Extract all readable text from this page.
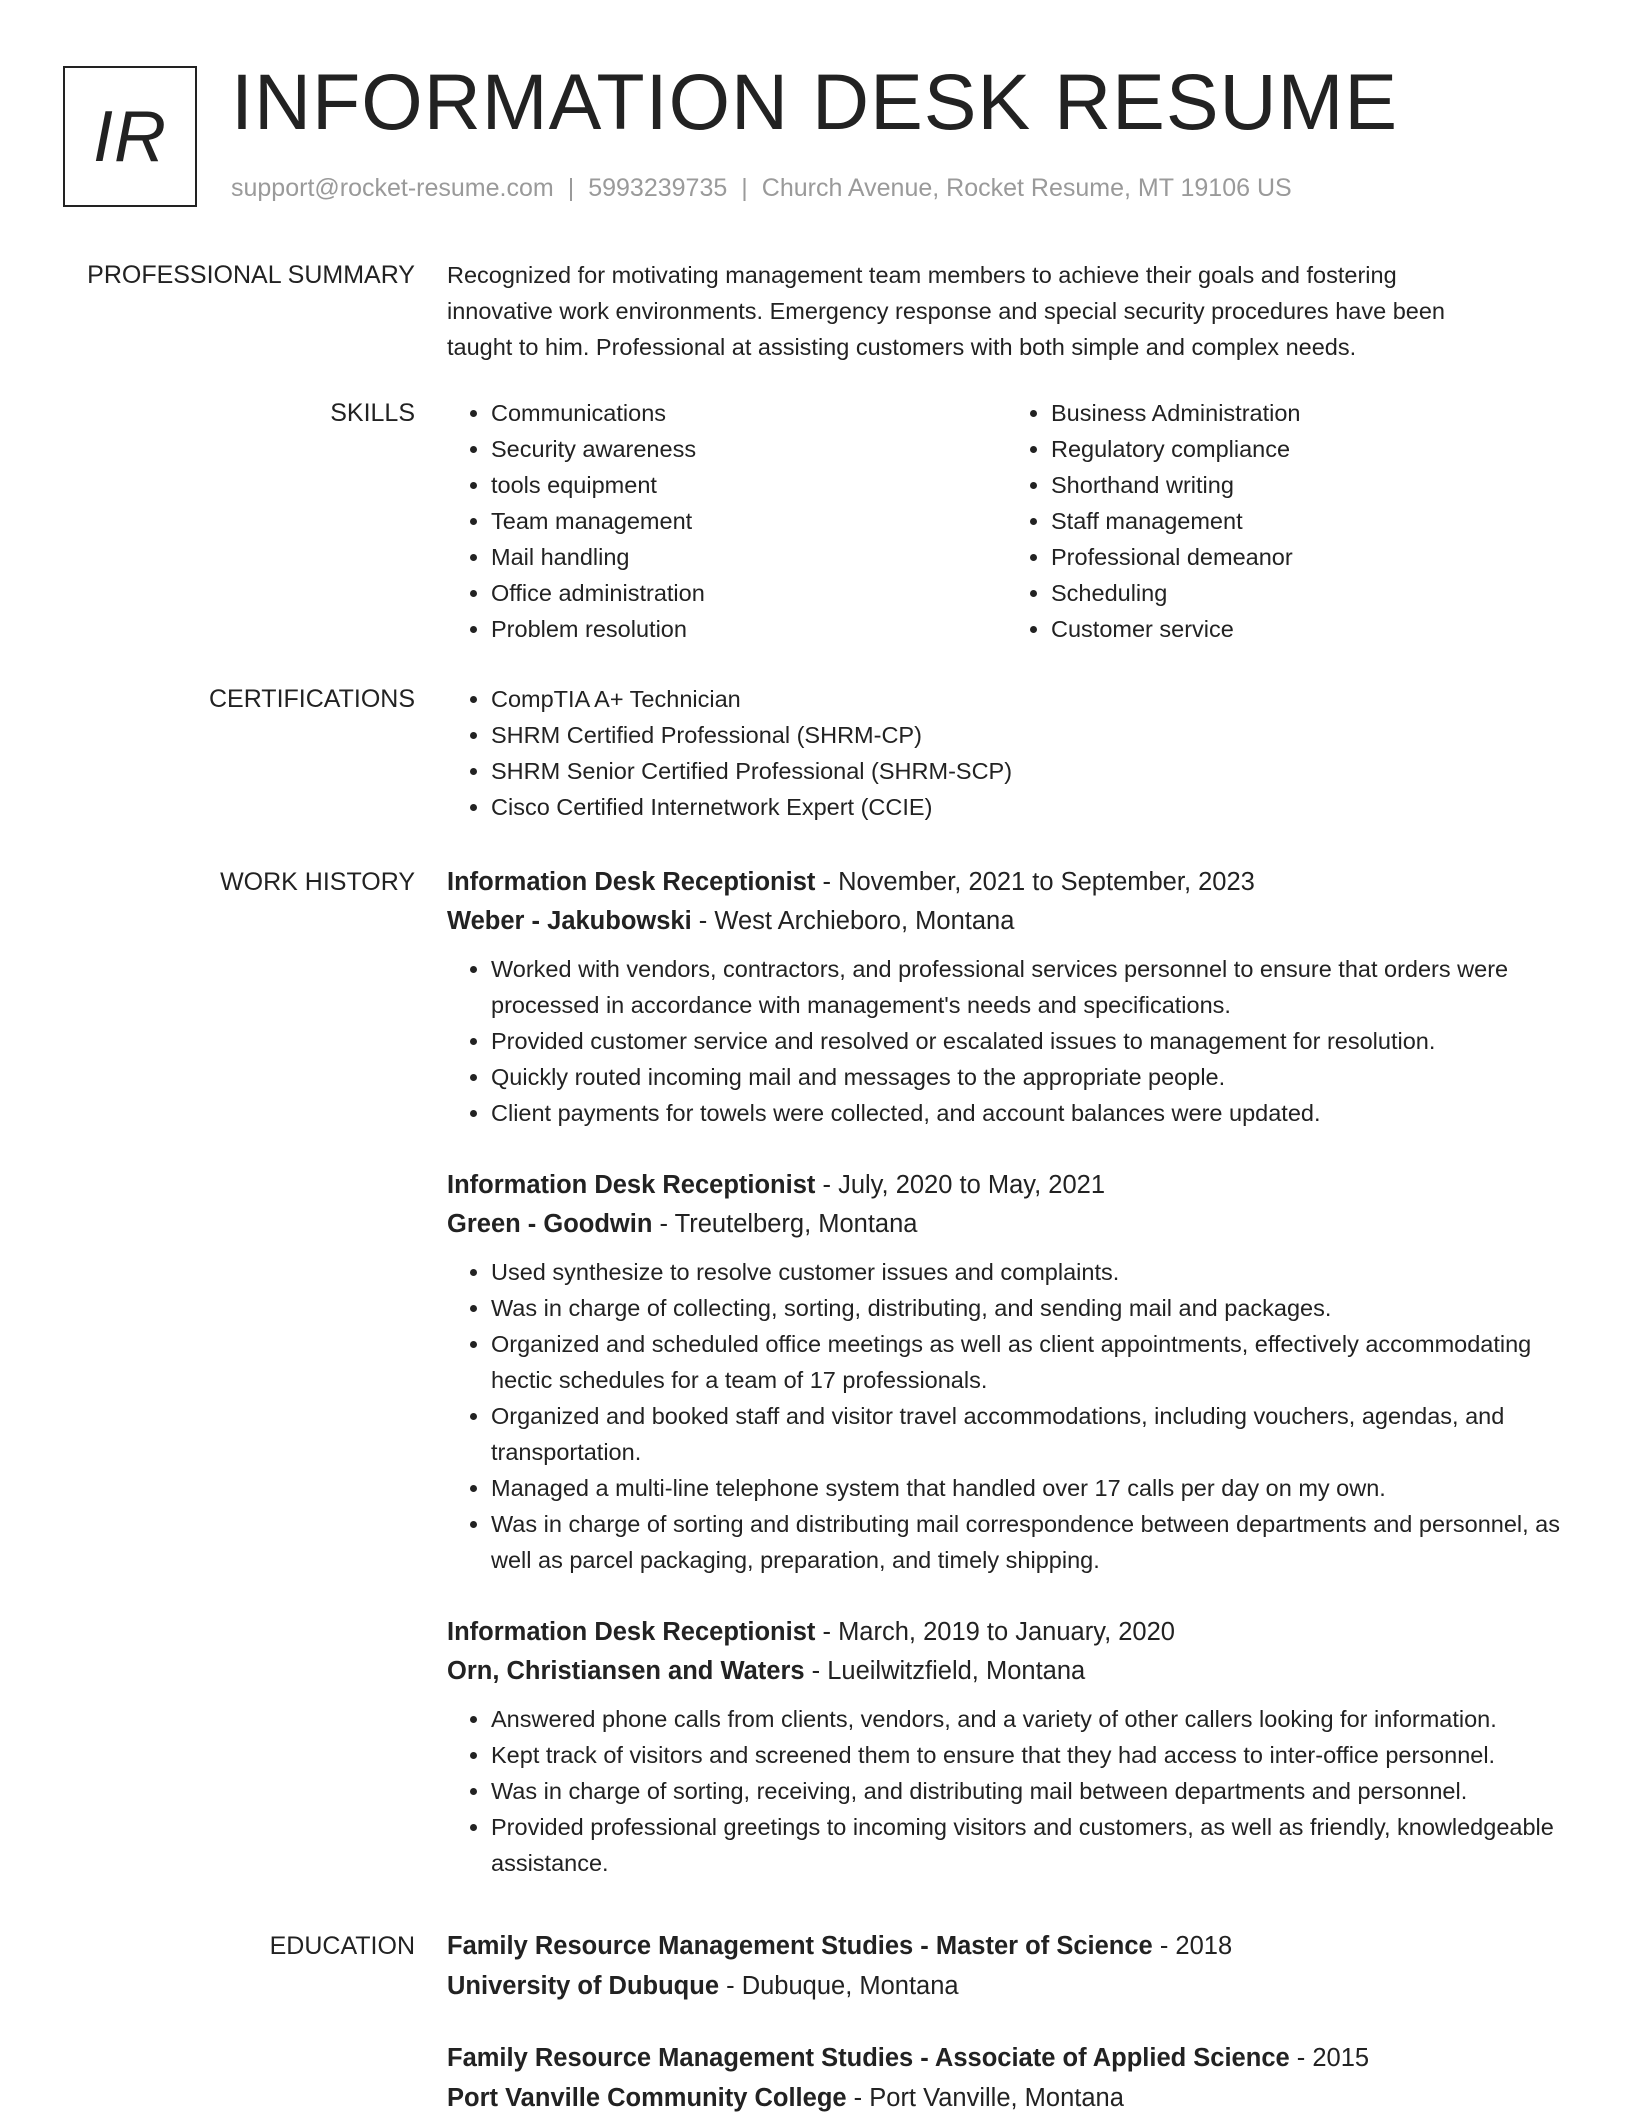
IR INFORMATION DESK RESUME
support@rocket-resume.com | 5993239735 | Church Avenue, Rocket Resume, MT 19106 US
PROFESSIONAL SUMMARY Recognized for motivating management team members to achieve their goals and fostering
innovative work environments. Emergency response and special security procedures have been
taught to him. Professional at assisting customers with both simple and complex needs.
SKILLS	• Communications
• Security awareness
• tools equipment
• Team management
• Mail handling
• Office administration
• Problem resolution
• Business Administration
• Regulatory compliance
• Shorthand writing
• Staff management
• Professional demeanor
• Scheduling
• Customer service
CERTIFICATIONS	• CompTIA A+ Technician
• SHRM Certified Professional (SHRM-CP)
• SHRM Senior Certified Professional (SHRM-SCP)
• Cisco Certified Internetwork Expert (CCIE)
WORK HISTORY Information Desk Receptionist - November, 2021 to September, 2023
Weber - Jakubowski - West Archieboro, Montana
• Worked with vendors, contractors, and professional services personnel to ensure that orders were processed in accordance with management's needs and specifications.
• Provided customer service and resolved or escalated issues to management for resolution.
• Quickly routed incoming mail and messages to the appropriate people.
• Client payments for towels were collected, and account balances were updated.
Information Desk Receptionist - July, 2020 to May, 2021
Green - Goodwin - Treutelberg, Montana
• Used synthesize to resolve customer issues and complaints.
• Was in charge of collecting, sorting, distributing, and sending mail and packages.
• Organized and scheduled office meetings as well as client appointments, effectively accommodating hectic schedules for a team of 17 professionals.
• Organized and booked staff and visitor travel accommodations, including vouchers, agendas, and transportation.
• Managed a multi-line telephone system that handled over 17 calls per day on my own.
• Was in charge of sorting and distributing mail correspondence between departments and personnel, as well as parcel packaging, preparation, and timely shipping.
Information Desk Receptionist - March, 2019 to January, 2020
Orn, Christiansen and Waters - Lueilwitzfield, Montana
• Answered phone calls from clients, vendors, and a variety of other callers looking for information.
• Kept track of visitors and screened them to ensure that they had access to inter-office personnel.
• Was in charge of sorting, receiving, and distributing mail between departments and personnel.
• Provided professional greetings to incoming visitors and customers, as well as friendly, knowledgeable assistance.
EDUCATION Family Resource Management Studies - Master of Science - 2018
University of Dubuque - Dubuque, Montana
Family Resource Management Studies - Associate of Applied Science - 2015
Port Vanville Community College - Port Vanville, Montana
